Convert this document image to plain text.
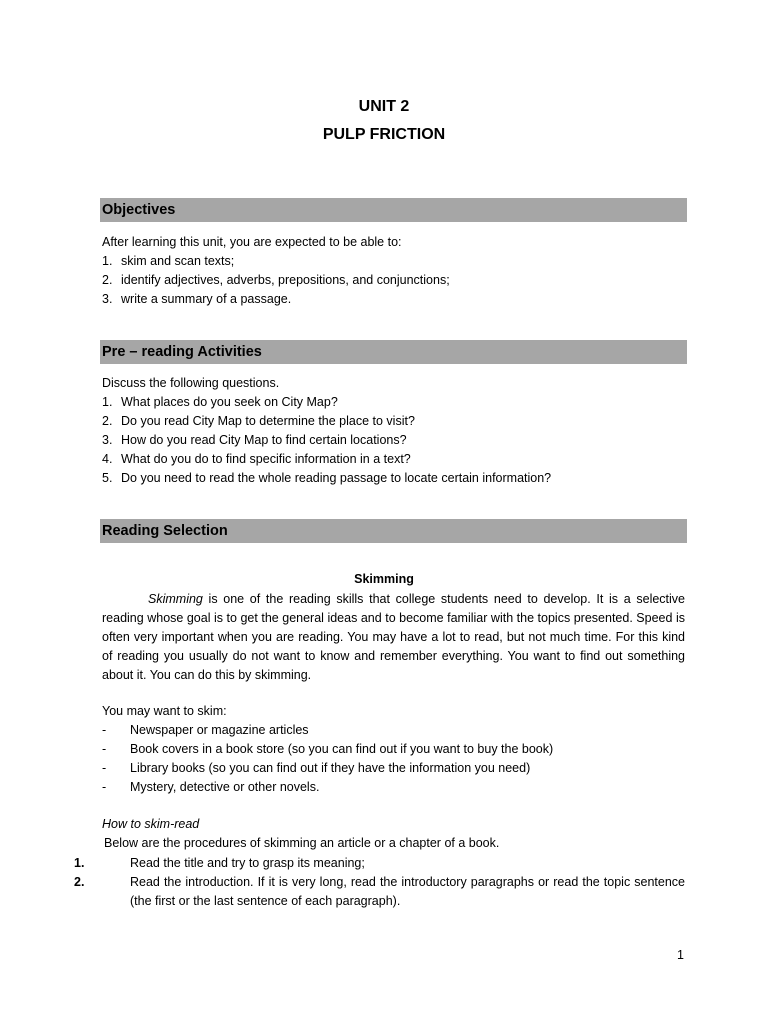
UNIT 2
PULP FRICTION
Objectives
After learning this unit, you are expected to be able to:
1. skim and scan texts;
2. identify adjectives, adverbs, prepositions, and conjunctions;
3. write a summary of a passage.
Pre – reading Activities
Discuss the following questions.
1. What places do you seek on City Map?
2. Do you read City Map to determine the place to visit?
3. How do you read City Map to find certain locations?
4. What do you do to find specific information in a text?
5. Do you need to read the whole reading passage to locate certain information?
Reading Selection
Skimming
Skimming is one of the reading skills that college students need to develop. It is a selective reading whose goal is to get the general ideas and to become familiar with the topics presented. Speed is often very important when you are reading. You may have a lot to read, but not much time. For this kind of reading you usually do not want to know and remember everything. You want to find out something about it. You can do this by skimming.
You may want to skim:
- Newspaper or magazine articles
- Book covers in a book store (so you can find out if you want to buy the book)
- Library books (so you can find out if they have the information you need)
- Mystery, detective or other novels.
How to skim-read
Below are the procedures of skimming an article or a chapter of a book.
1.	Read the title and try to grasp its meaning;
2.	Read the introduction. If it is very long, read the introductory paragraphs or read the topic sentence (the first or the last sentence of each paragraph).
1
